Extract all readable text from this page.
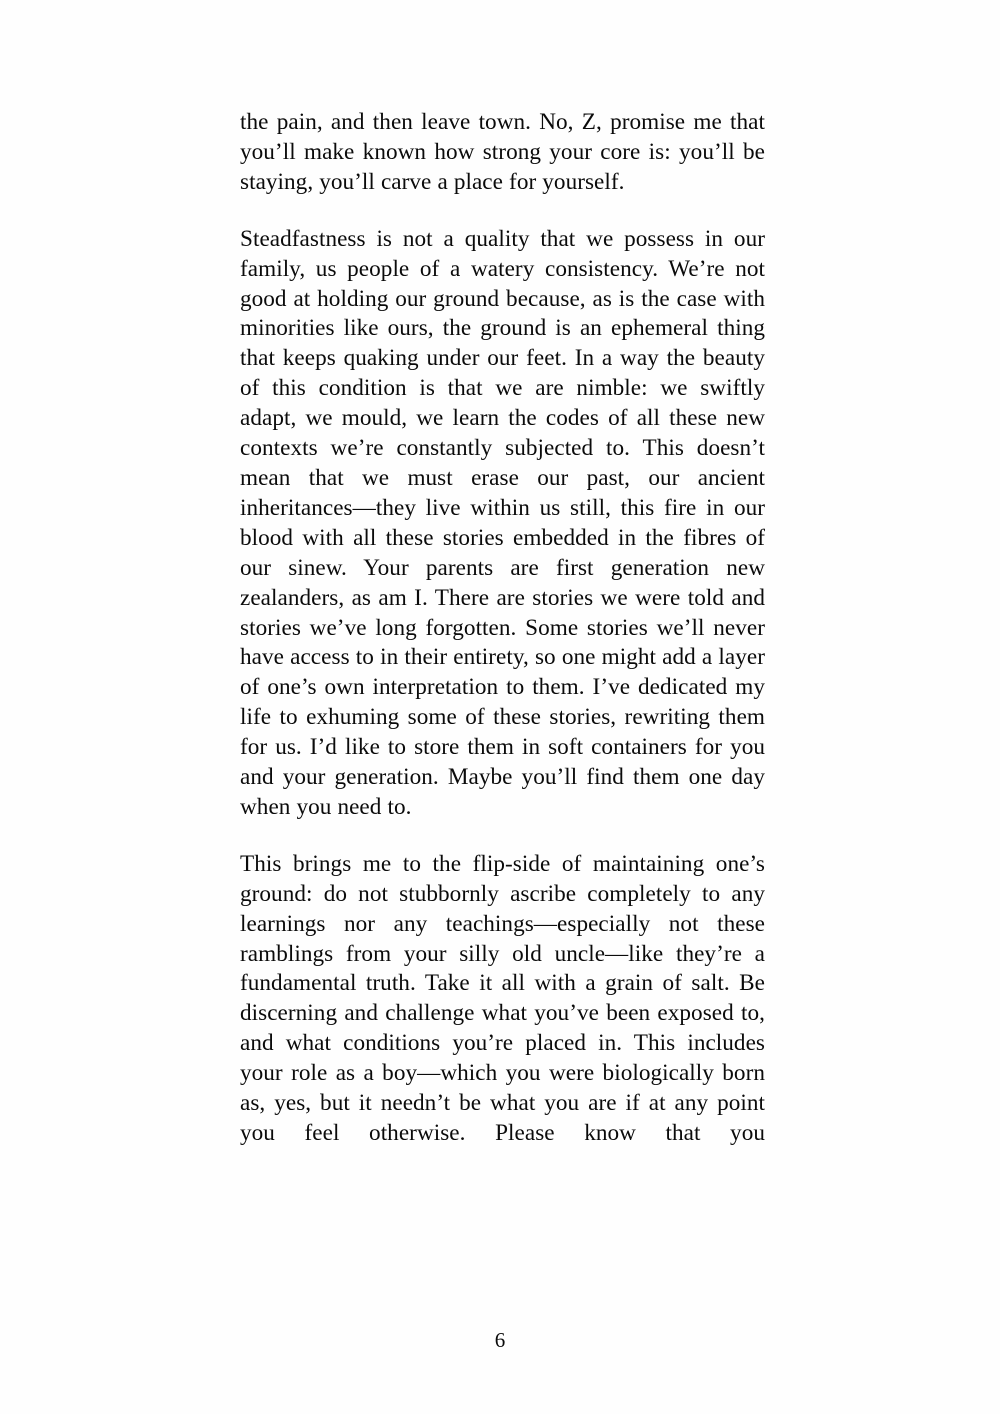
the pain, and then leave town. No, Z, promise me that you’ll make known how strong your core is: you’ll be staying, you’ll carve a place for yourself.

Steadfastness is not a quality that we possess in our family, us people of a watery consistency. We’re not good at holding our ground because, as is the case with minorities like ours, the ground is an ephemeral thing that keeps quaking under our feet. In a way the beauty of this condition is that we are nimble: we swiftly adapt, we mould, we learn the codes of all these new contexts we’re constantly subjected to. This doesn’t mean that we must erase our past, our ancient inheritances—they live within us still, this fire in our blood with all these stories embedded in the fibres of our sinew. Your parents are first generation new zealanders, as am I. There are stories we were told and stories we’ve long forgotten. Some stories we’ll never have access to in their entirety, so one might add a layer of one’s own interpretation to them. I’ve dedicated my life to exhuming some of these stories, rewriting them for us. I’d like to store them in soft containers for you and your generation. Maybe you’ll find them one day when you need to.

This brings me to the flip-side of maintaining one’s ground: do not stubbornly ascribe completely to any learnings nor any teachings—especially not these ramblings from your silly old uncle—like they’re a fundamental truth. Take it all with a grain of salt. Be discerning and challenge what you’ve been exposed to, and what conditions you’re placed in. This includes your role as a boy—which you were biologically born as, yes, but it needn’t be what you are if at any point you feel otherwise. Please know that you

6
